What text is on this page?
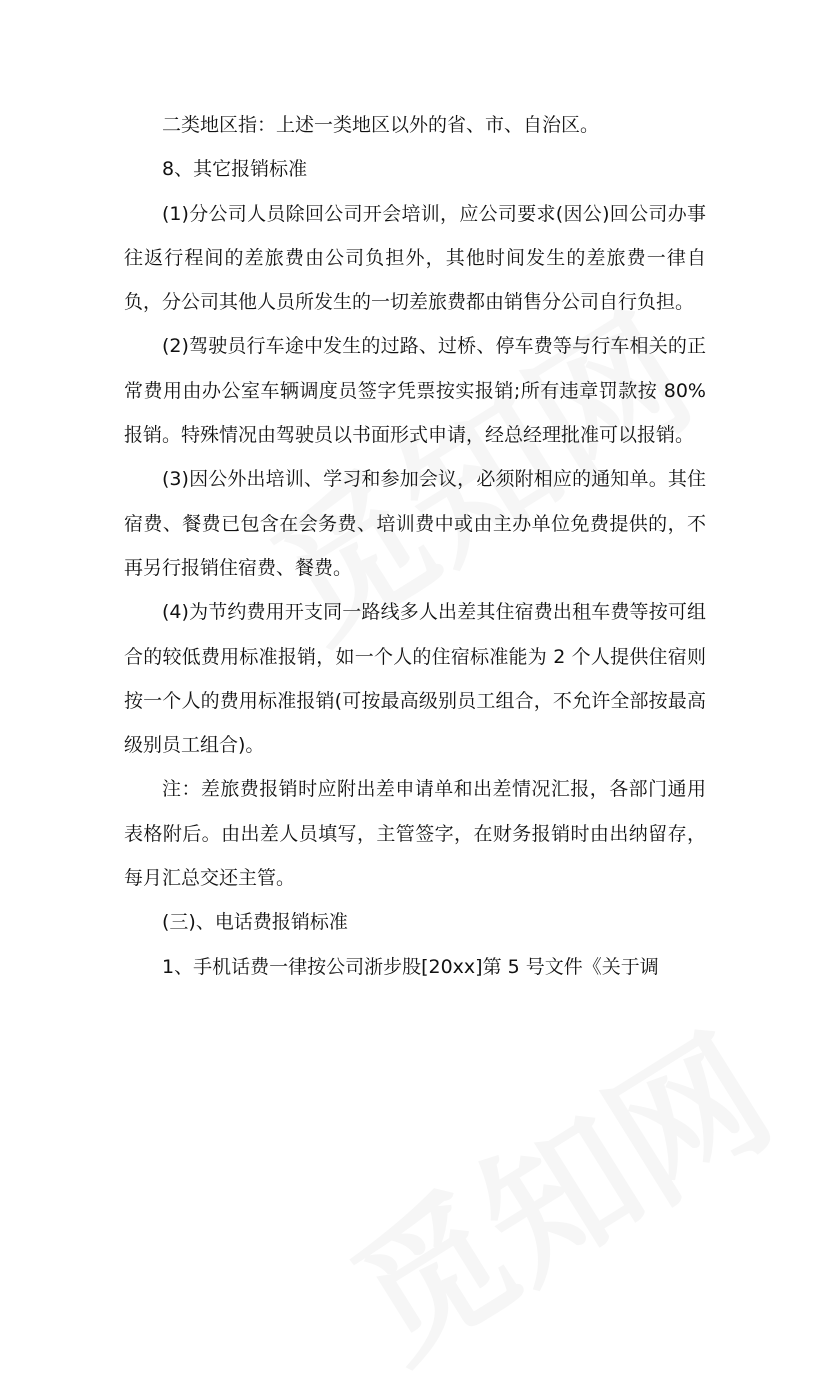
二类地区指：上述一类地区以外的省、市、自治区。

8、其它报销标准

(1)分公司人员除回公司开会培训，应公司要求(因公)回公司办事往返行程间的差旅费由公司负担外，其他时间发生的差旅费一律自负，分公司其他人员所发生的一切差旅费都由销售分公司自行负担。

(2)驾驶员行车途中发生的过路、过桥、停车费等与行车相关的正常费用由办公室车辆调度员签字凭票按实报销;所有违章罚款按 80%报销。特殊情况由驾驶员以书面形式申请，经总经理批准可以报销。

(3)因公外出培训、学习和参加会议，必须附相应的通知单。其住宿费、餐费已包含在会务费、培训费中或由主办单位免费提供的，不再另行报销住宿费、餐费。

(4)为节约费用开支同一路线多人出差其住宿费出租车费等按可组合的较低费用标准报销，如一个人的住宿标准能为 2 个人提供住宿则按一个人的费用标准报销(可按最高级别员工组合，不允许全部按最高级别员工组合)。

注：差旅费报销时应附出差申请单和出差情况汇报，各部门通用表格附后。由出差人员填写，主管签字，在财务报销时由出纳留存，每月汇总交还主管。

(三)、电话费报销标准

1、手机话费一律按公司浙步股[20xx]第 5 号文件《关于调
